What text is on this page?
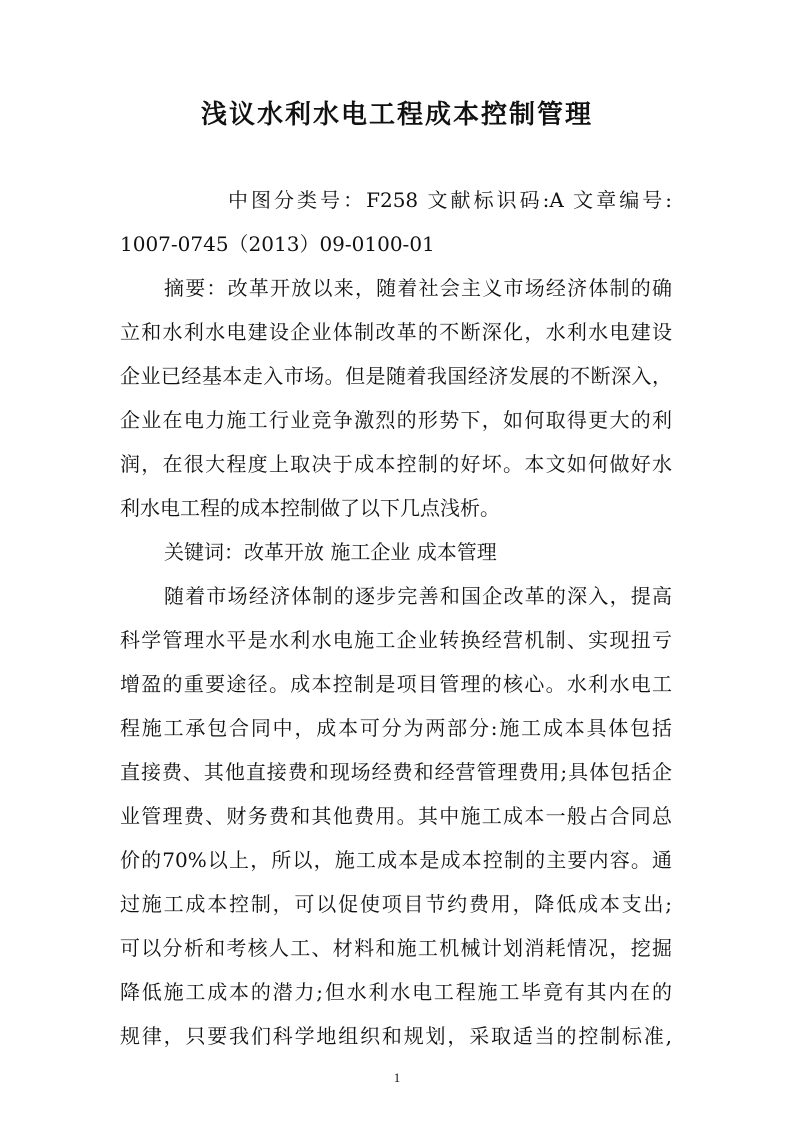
浅议水利水电工程成本控制管理

中图分类号：F258 文献标识码:A 文章编号:

1007-0745（2013）09-0100-01

摘要：改革开放以来，随着社会主义市场经济体制的确

立和水利水电建设企业体制改革的不断深化，水利水电建设

企业已经基本走入市场。但是随着我国经济发展的不断深入，

企业在电力施工行业竞争激烈的形势下，如何取得更大的利

润，在很大程度上取决于成本控制的好坏。本文如何做好水

利水电工程的成本控制做了以下几点浅析。

关键词：改革开放 施工企业 成本管理

随着市场经济体制的逐步完善和国企改革的深入，提高

科学管理水平是水利水电施工企业转换经营机制、实现扭亏

增盈的重要途径。成本控制是项目管理的核心。水利水电工

程施工承包合同中，成本可分为两部分:施工成本具体包括

直接费、其他直接费和现场经费和经营管理费用;具体包括企

业管理费、财务费和其他费用。其中施工成本一般占合同总

价的70%以上，所以，施工成本是成本控制的主要内容。通

过施工成本控制，可以促使项目节约费用，降低成本支出;

可以分析和考核人工、材料和施工机械计划消耗情况，挖掘

降低施工成本的潜力;但水利水电工程施工毕竟有其内在的

规律，只要我们科学地组织和规划，采取适当的控制标准,

1
